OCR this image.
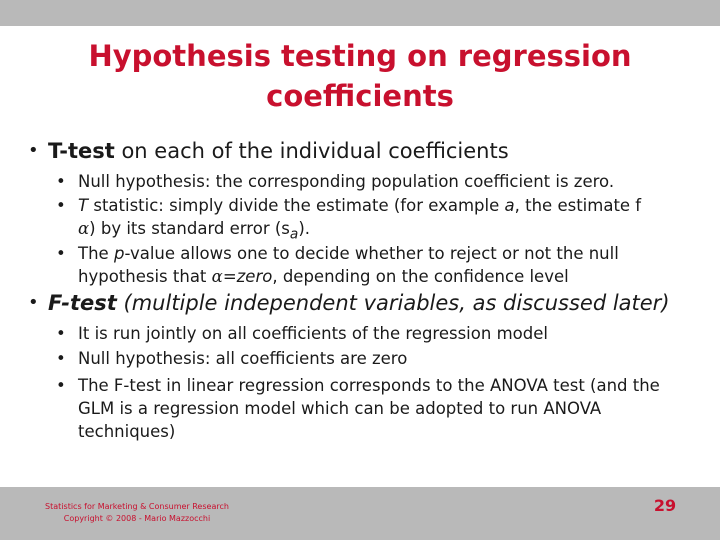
Hypothesis testing on regression
coefficients
• T-test on each of the individual coefficients
• Null hypothesis: the corresponding population coefficient is zero.
• T statistic: simply divide the estimate (for example a, the estimate f
α) by its standard error $(s_a)$.
• The p-value allows one to decide whether to reject or not the null hypothesis that α=zero, depending on the confidence level
• F-test (multiple independent variables, as discussed later)
• It is run jointly on all coefficients of the regression model
• Null hypothesis: all coefficients are zero
• The F-test in linear regression corresponds to the ANOVA test (and the GLM is a regression model which can be adopted to run ANOVA techniques)
Statistics for Marketing & Consumer Research
Copyright © 2008 - Mario Mazzocchi
29
